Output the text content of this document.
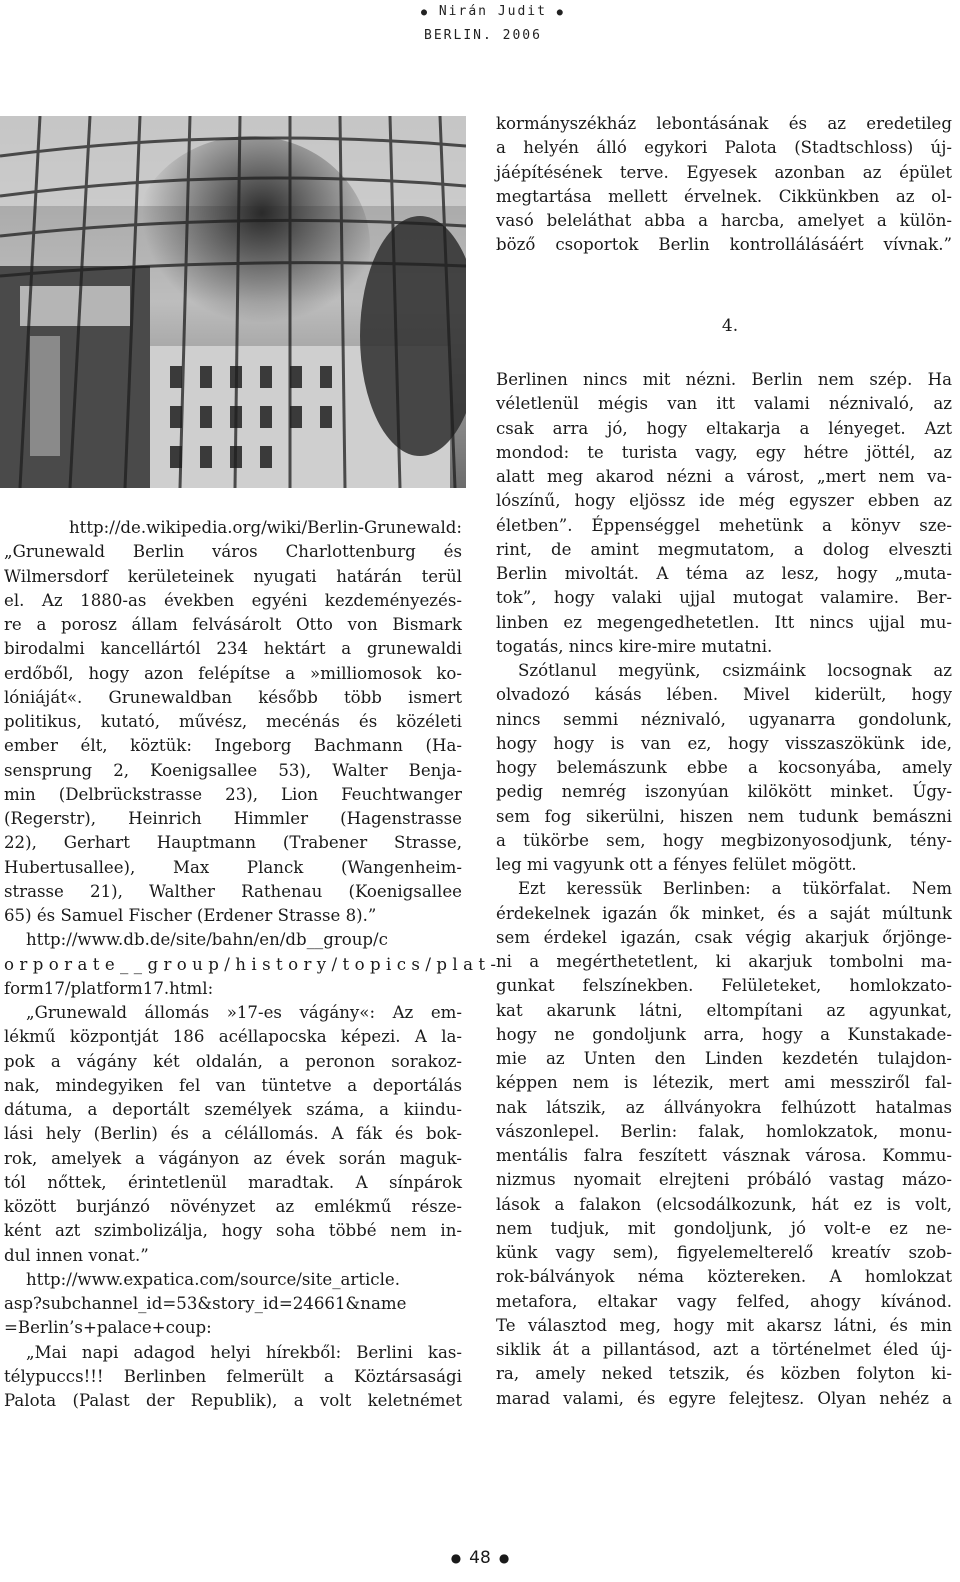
● Nirán Judit ●
BERLIN. 2006
kormányszékház lebontásának és az eredetileg
a helyén álló egykori Palota (Stadtschloss) új-
jáépítésének terve. Egyesek azonban az épület
megtartása mellett érvelnek. Cikkünkben az ol-
vasó beleláthat abba a harcba, amelyet a külön-
böző csoportok Berlin kontrollálásáért vívnak.”
4.
http://de.wikipedia.org/wiki/Berlin-Grunewald:
„Grunewald Berlin város Charlottenburg és
Wilmersdorf kerületeinek nyugati határán terül
el. Az 1880-as években egyéni kezdeményezés-
re a porosz állam felvásárolt Otto von Bismark
birodalmi kancellártól 234 hektárt a grunewaldi
erdőből, hogy azon felépítse a »milliomosok ko-
lóniáját«. Grunewaldban később több ismert
politikus, kutató, művész, mecénás és közéleti
ember élt, köztük: Ingeborg Bachmann (Ha-
sensprung 2, Koenigsallee 53), Walter Benja-
min (Delbrückstrasse 23), Lion Feuchtwanger
(Regerstr), Heinrich Himmler (Hagenstrasse
22), Gerhart Hauptmann (Trabener Strasse,
Hubertusallee), Max Planck (Wangenheim-
strasse 21), Walther Rathenau (Koenigsallee
65) és Samuel Fischer (Erdener Strasse 8).”
http://www.db.de/site/bahn/en/db__group/c
orporate__group/history/topics/plat-
form17/platform17.html:
„Grunewald állomás »17-es vágány«: Az em-
lékmű központját 186 acéllapocska képezi. A la-
pok a vágány két oldalán, a peronon sorakoz-
nak, mindegyiken fel van tüntetve a deportálás
dátuma, a deportált személyek száma, a kiindu-
lási hely (Berlin) és a célállomás. A fák és bok-
rok, amelyek a vágányon az évek során maguk-
tól nőttek, érintetlenül maradtak. A sínpárok
között burjánzó növényzet az emlékmű része-
ként azt szimbolizálja, hogy soha többé nem in-
dul innen vonat.”
http://www.expatica.com/source/site_article.
asp?subchannel_id=53&story_id=24661&name
=Berlin’s+palace+coup:
„Mai napi adagod helyi hírekből: Berlini kas-
télypuccs!!! Berlinben felmerült a Köztársasági
Palota (Palast der Republik), a volt keletnémet
Berlinen nincs mit nézni. Berlin nem szép. Ha
véletlenül mégis van itt valami néznivaló, az
csak arra jó, hogy eltakarja a lényeget. Azt
mondod: te turista vagy, egy hétre jöttél, az
alatt meg akarod nézni a várost, „mert nem va-
lószínű, hogy eljössz ide még egyszer ebben az
életben”. Éppenséggel mehetünk a könyv sze-
rint, de amint megmutatom, a dolog elveszti
Berlin mivoltát. A téma az lesz, hogy „muta-
tok”, hogy valaki ujjal mutogat valamire. Ber-
linben ez megengedhetetlen. Itt nincs ujjal mu-
togatás, nincs kire-mire mutatni.
Szótlanul megyünk, csizmáink locsognak az
olvadozó kásás lében. Mivel kiderült, hogy
nincs semmi néznivaló, ugyanarra gondolunk,
hogy hogy is van ez, hogy visszaszökünk ide,
hogy belemászunk ebbe a kocsonyába, amely
pedig nemrég iszonyúan kilökött minket. Úgy-
sem fog sikerülni, hiszen nem tudunk bemászni
a tükörbe sem, hogy megbizonyosodjunk, tény-
leg mi vagyunk ott a fényes felület mögött.
Ezt keressük Berlinben: a tükörfalat. Nem
érdekelnek igazán ők minket, és a saját múltunk
sem érdekel igazán, csak végig akarjuk őrjönge-
ni a megérthetetlent, ki akarjuk tombolni ma-
gunkat felszínekben. Felületeket, homlokzato-
kat akarunk látni, eltompítani az agyunkat,
hogy ne gondoljunk arra, hogy a Kunstakade-
mie az Unten den Linden kezdetén tulajdon-
képpen nem is létezik, mert ami messziről fal-
nak látszik, az állványokra felhúzott hatalmas
vászonlepel. Berlin: falak, homlokzatok, monu-
mentális falra feszített vásznak városa. Kommu-
nizmus nyomait elrejteni próbáló vastag mázo-
lások a falakon (elcsodálkozunk, hát ez is volt,
nem tudjuk, mit gondoljunk, jó volt-e ez ne-
künk vagy sem), figyelemelterelő kreatív szob-
rok-bálványok néma köztereken. A homlokzat
metafora, eltakar vagy felfed, ahogy kívánod.
Te választod meg, hogy mit akarsz látni, és min
siklik át a pillantásod, azt a történelmet éled új-
ra, amely neked tetszik, és közben folyton ki-
marad valami, és egyre felejtesz. Olyan nehéz a
● 48 ●
